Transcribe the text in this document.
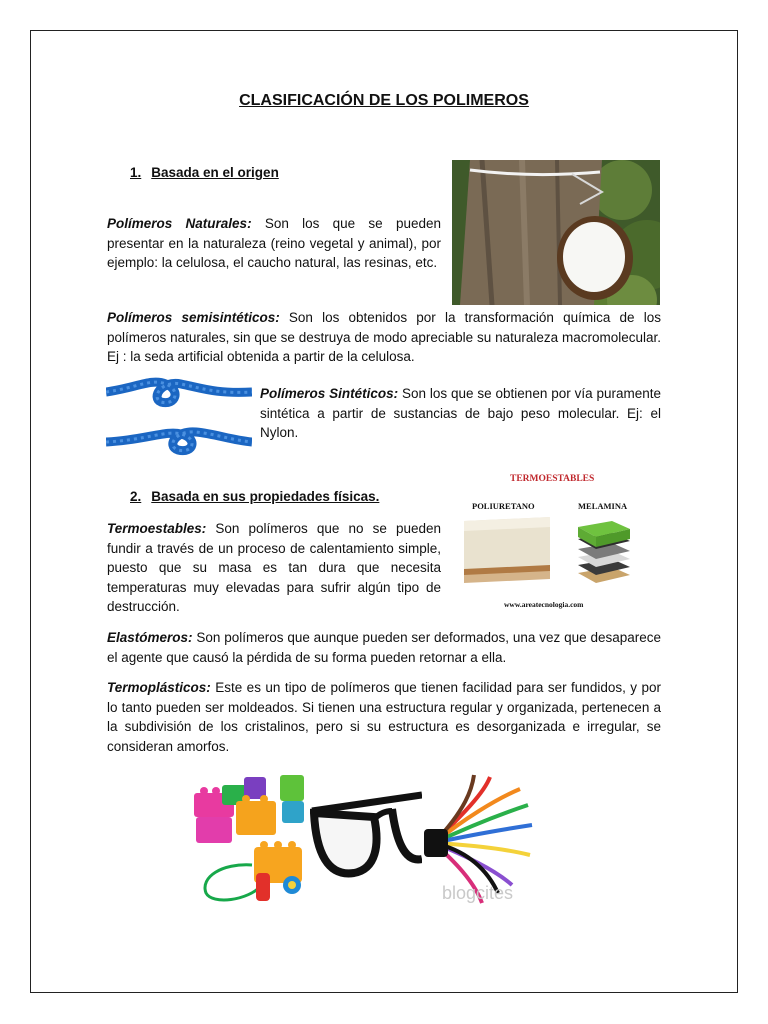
CLASIFICACIÓN DE LOS POLIMEROS
1. Basada en el origen
Polímeros Naturales: Son los que se pueden presentar en la naturaleza (reino vegetal y animal), por ejemplo: la celulosa, el caucho natural, las resinas, etc.
Polímeros semisintéticos: Son los obtenidos por la transformación química de los polímeros naturales, sin que se destruya de modo apreciable su naturaleza macromolecular. Ej : la seda artificial obtenida a partir de la celulosa.
Polímeros Sintéticos: Son los que se obtienen por vía puramente sintética a partir de sustancias de bajo peso molecular. Ej: el Nylon.
TERMOESTABLES
POLIURETANO	MELAMINA
www.areatecnologia.com
2. Basada en sus propiedades físicas.
Termoestables: Son polímeros que no se pueden fundir a través de un proceso de calentamiento simple, puesto que su masa es tan dura que necesita temperaturas muy elevadas para sufrir algún tipo de destrucción.
Elastómeros: Son polímeros que aunque pueden ser deformados, una vez que desaparece el agente que causó la pérdida de su forma pueden retornar a ella.
Termoplásticos: Este es un tipo de polímeros que tienen facilidad para ser fundidos, y por lo tanto pueden ser moldeados. Si tienen una estructura regular y organizada, pertenecen a la subdivisión de los cristalinos, pero si su estructura es desorganizada e irregular, se consideran amorfos.
blogcites
